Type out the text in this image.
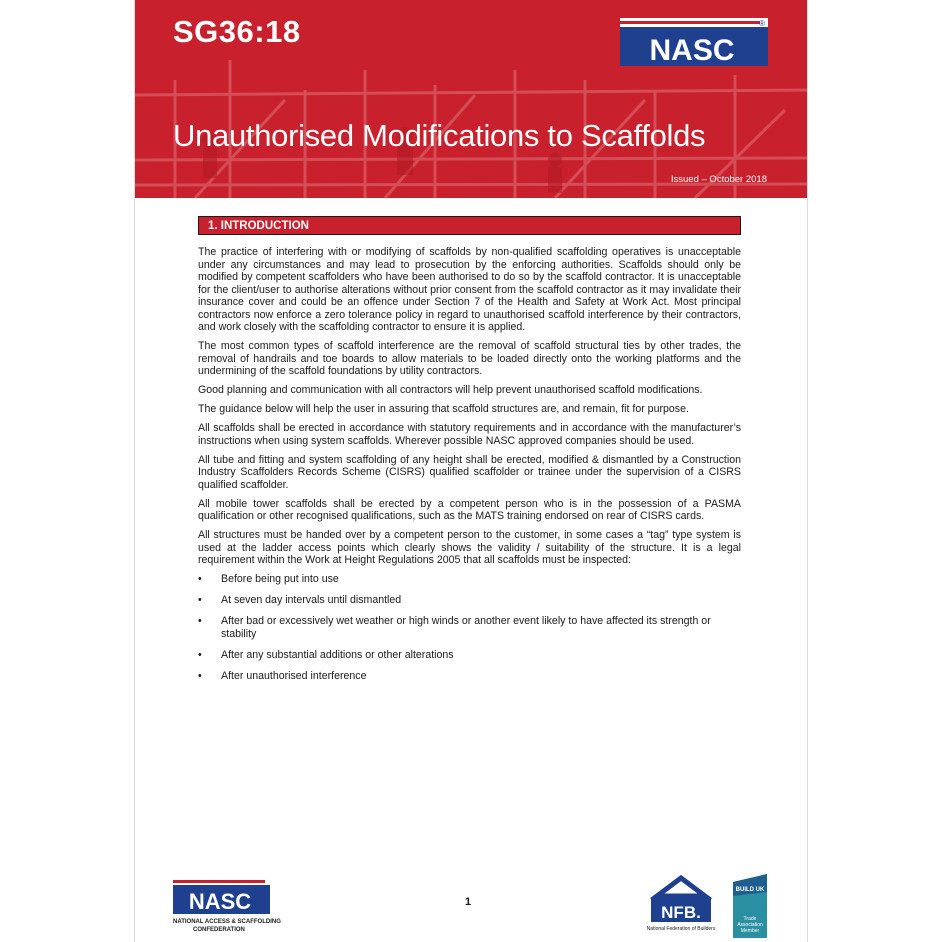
SG36:18
NASC
®
Unauthorised Modifications to Scaffolds
Issued – October 2018
1. INTRODUCTION

The practice of interfering with or modifying of scaffolds by non-qualified scaffolding operatives is unacceptable under any circumstances and may lead to prosecution by the enforcing authorities. Scaffolds should only be modified by competent scaffolders who have been authorised to do so by the scaffold contractor. It is unacceptable for the client/user to authorise alterations without prior consent from the scaffold contractor as it may invalidate their insurance cover and could be an offence under Section 7 of the Health and Safety at Work Act. Most principal contractors now enforce a zero tolerance policy in regard to unauthorised scaffold interference by their contractors, and work closely with the scaffolding contractor to ensure it is applied.

The most common types of scaffold interference are the removal of scaffold structural ties by other trades, the removal of handrails and toe boards to allow materials to be loaded directly onto the working platforms and the undermining of the scaffold foundations by utility contractors.

Good planning and communication with all contractors will help prevent unauthorised scaffold modifications.

The guidance below will help the user in assuring that scaffold structures are, and remain, fit for purpose.

All scaffolds shall be erected in accordance with statutory requirements and in accordance with the manufacturer’s instructions when using system scaffolds. Wherever possible NASC approved companies should be used.

All tube and fitting and system scaffolding of any height shall be erected, modified & dismantled by a Construction Industry Scaffolders Records Scheme (CISRS) qualified scaffolder or trainee under the supervision of a CISRS qualified scaffolder.

All mobile tower scaffolds shall be erected by a competent person who is in the possession of a PASMA qualification or other recognised qualifications, such as the MATS training endorsed on rear of CISRS cards.

All structures must be handed over by a competent person to the customer, in some cases a “tag” type system is used at the ladder access points which clearly shows the validity / suitability of the structure. It is a legal requirement within the Work at Height Regulations 2005 that all scaffolds must be inspected:

• Before being put into use
• At seven day intervals until dismantled
• After bad or excessively wet weather or high winds or another event likely to have affected its strength or stability
• After any substantial additions or other alterations
• After unauthorised interference
NASC
NATIONAL ACCESS & SCAFFOLDING
CONFEDERATION
1
NFB.
National Federation of Builders
BUILD UK
Trade
Association
Member
